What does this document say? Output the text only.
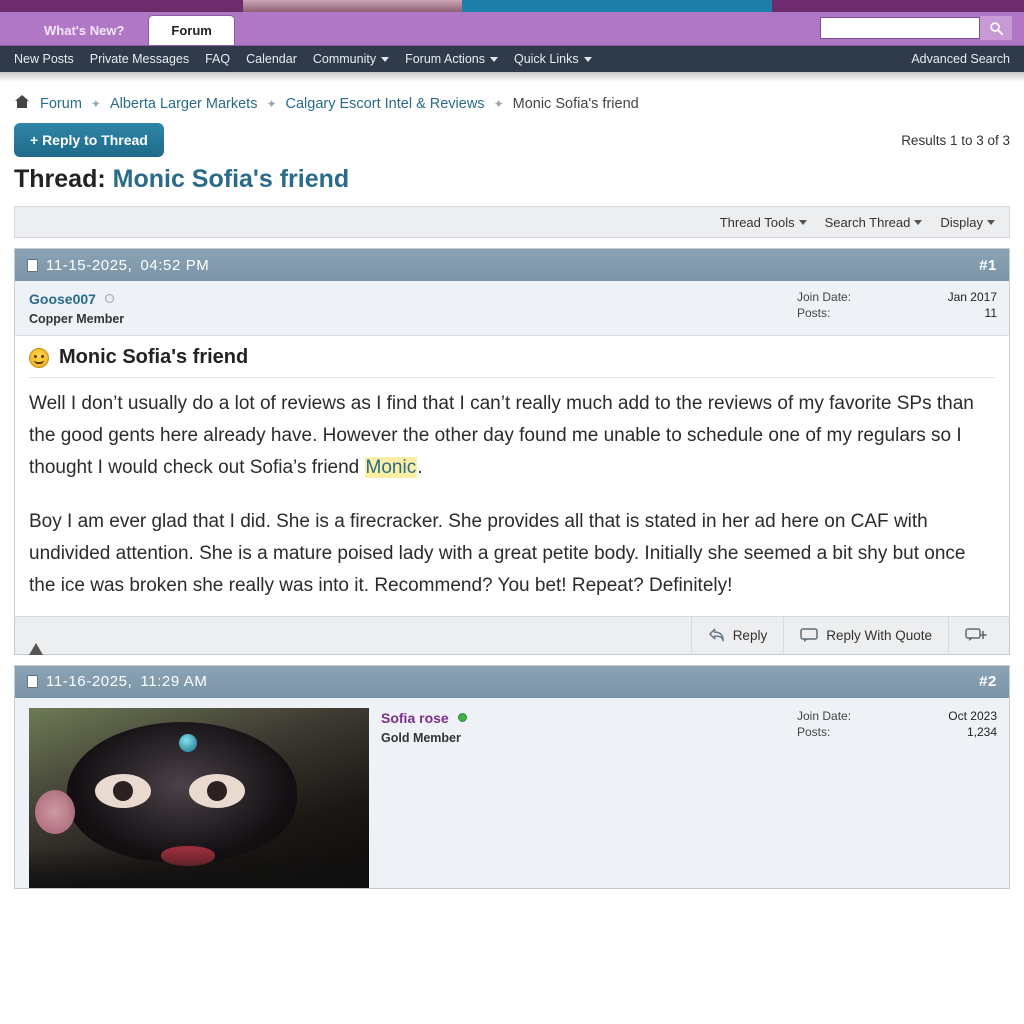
What's New?	Forum
New Posts Private Messages FAQ Calendar Community Forum Actions Quick Links	Advanced Search
Forum ✦ Alberta Larger Markets ✦ Calgary Escort Intel & Reviews ✦ Monic Sofia's friend
+ Reply to Thread	Results 1 to 3 of 3
Thread: Monic Sofia's friend
Thread Tools Search Thread Display
11-15-2025, 04:52 PM	#1
Goose007
Copper Member
Join Date:	Jan 2017
Posts:	11
Monic Sofia's friend

Well I don’t usually do a lot of reviews as I find that I can’t really much add to the reviews of my favorite SPs than the good gents here already have. However the other day found me unable to schedule one of my regulars so I thought I would check out Sofia’s friend Monic.

Boy I am ever glad that I did. She is a firecracker. She provides all that is stated in her ad here on CAF with undivided attention. She is a mature poised lady with a great petite body. Initially she seemed a bit shy but once the ice was broken she really was into it. Recommend? You bet! Repeat? Definitely!

Reply	Reply With Quote
11-16-2025, 11:29 AM	#2
Sofia rose
Gold Member
Join Date:	Oct 2023
Posts:	1,234
